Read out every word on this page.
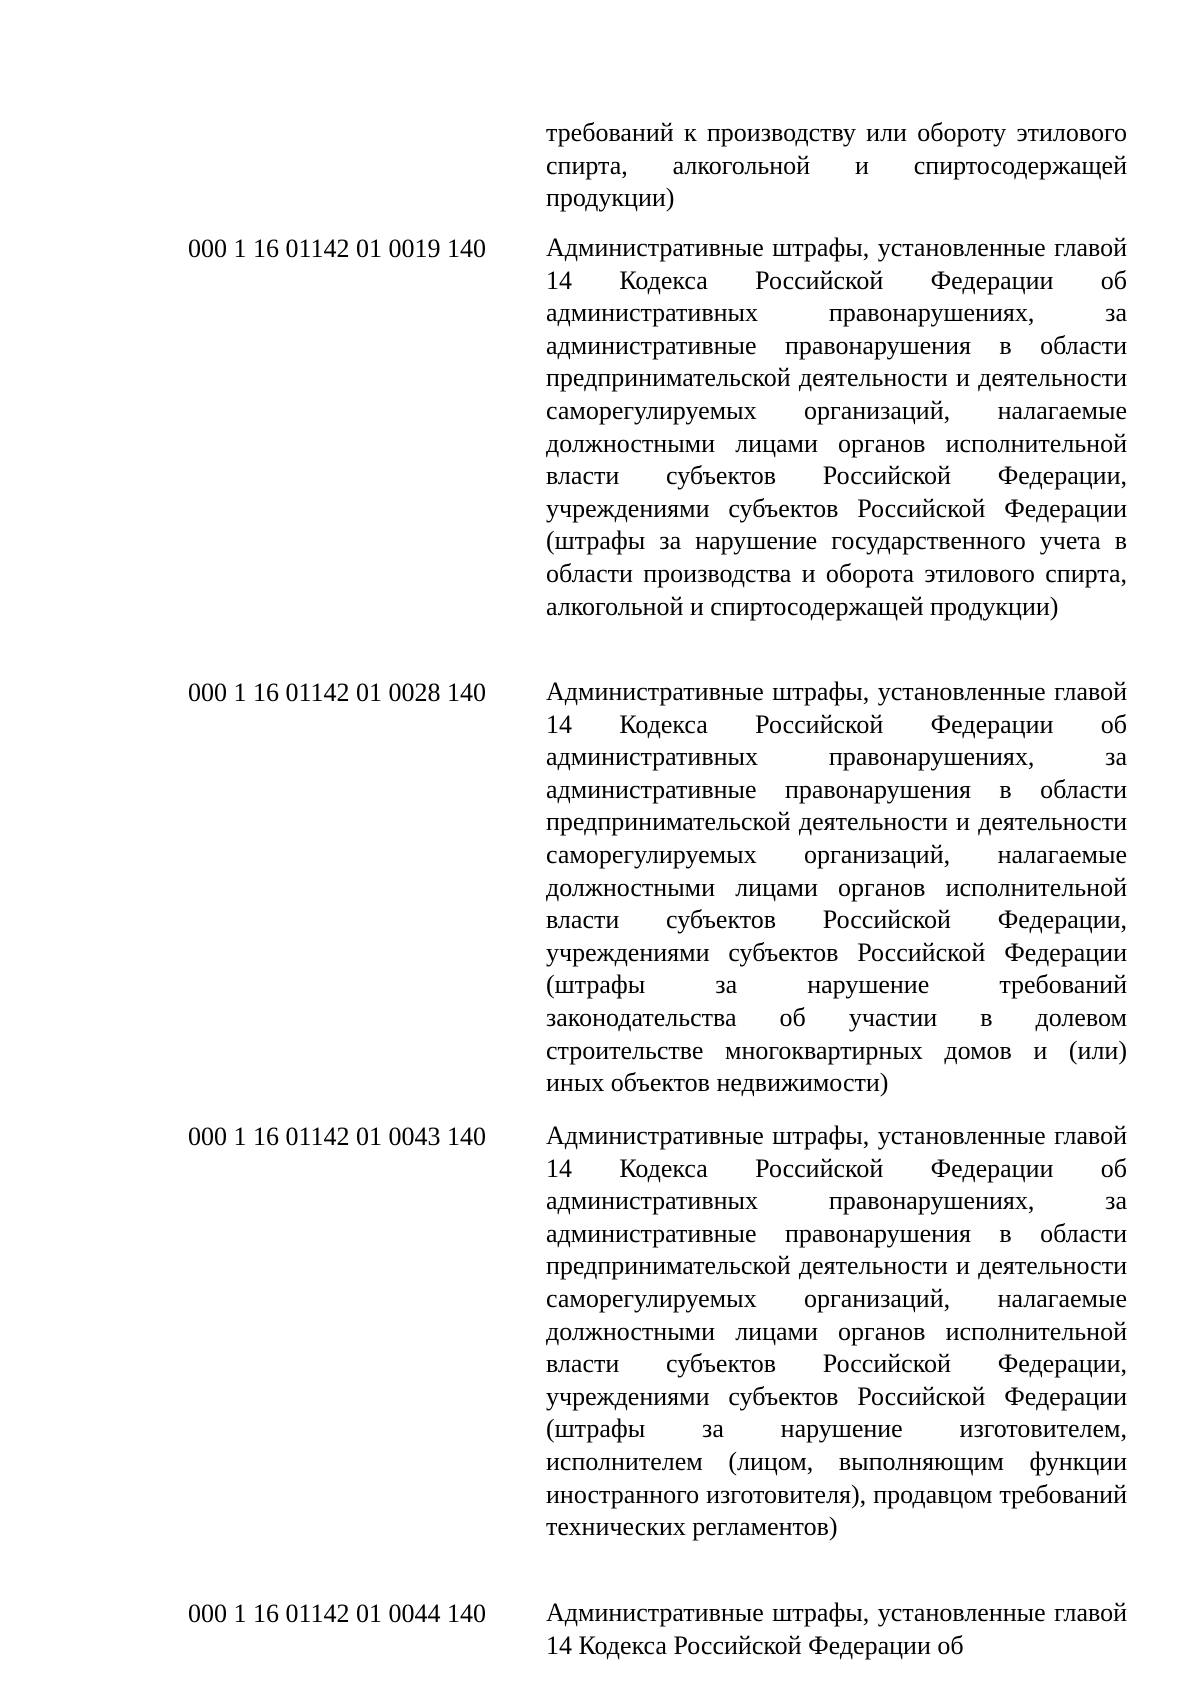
требований к производству или обороту этилового спирта, алкогольной и спиртосодержащей продукции)
000 1 16 01142 01 0019 140	Административные штрафы, установленные главой 14 Кодекса Российской Федерации об административных правонарушениях, за административные правонарушения в области предпринимательской деятельности и деятельности саморегулируемых организаций, налагаемые должностными лицами органов исполнительной власти субъектов Российской Федерации, учреждениями субъектов Российской Федерации (штрафы за нарушение государственного учета в области производства и оборота этилового спирта, алкогольной и спиртосодержащей продукции)
000 1 16 01142 01 0028 140	Административные штрафы, установленные главой 14 Кодекса Российской Федерации об административных правонарушениях, за административные правонарушения в области предпринимательской деятельности и деятельности саморегулируемых организаций, налагаемые должностными лицами органов исполнительной власти субъектов Российской Федерации, учреждениями субъектов Российской Федерации (штрафы за нарушение требований законодательства об участии в долевом строительстве многоквартирных домов и (или) иных объектов недвижимости)
000 1 16 01142 01 0043 140	Административные штрафы, установленные главой 14 Кодекса Российской Федерации об административных правонарушениях, за административные правонарушения в области предпринимательской деятельности и деятельности саморегулируемых организаций, налагаемые должностными лицами органов исполнительной власти субъектов Российской Федерации, учреждениями субъектов Российской Федерации (штрафы за нарушение изготовителем, исполнителем (лицом, выполняющим функции иностранного изготовителя), продавцом требований технических регламентов)
000 1 16 01142 01 0044 140	Административные штрафы, установленные главой 14 Кодекса Российской Федерации об
